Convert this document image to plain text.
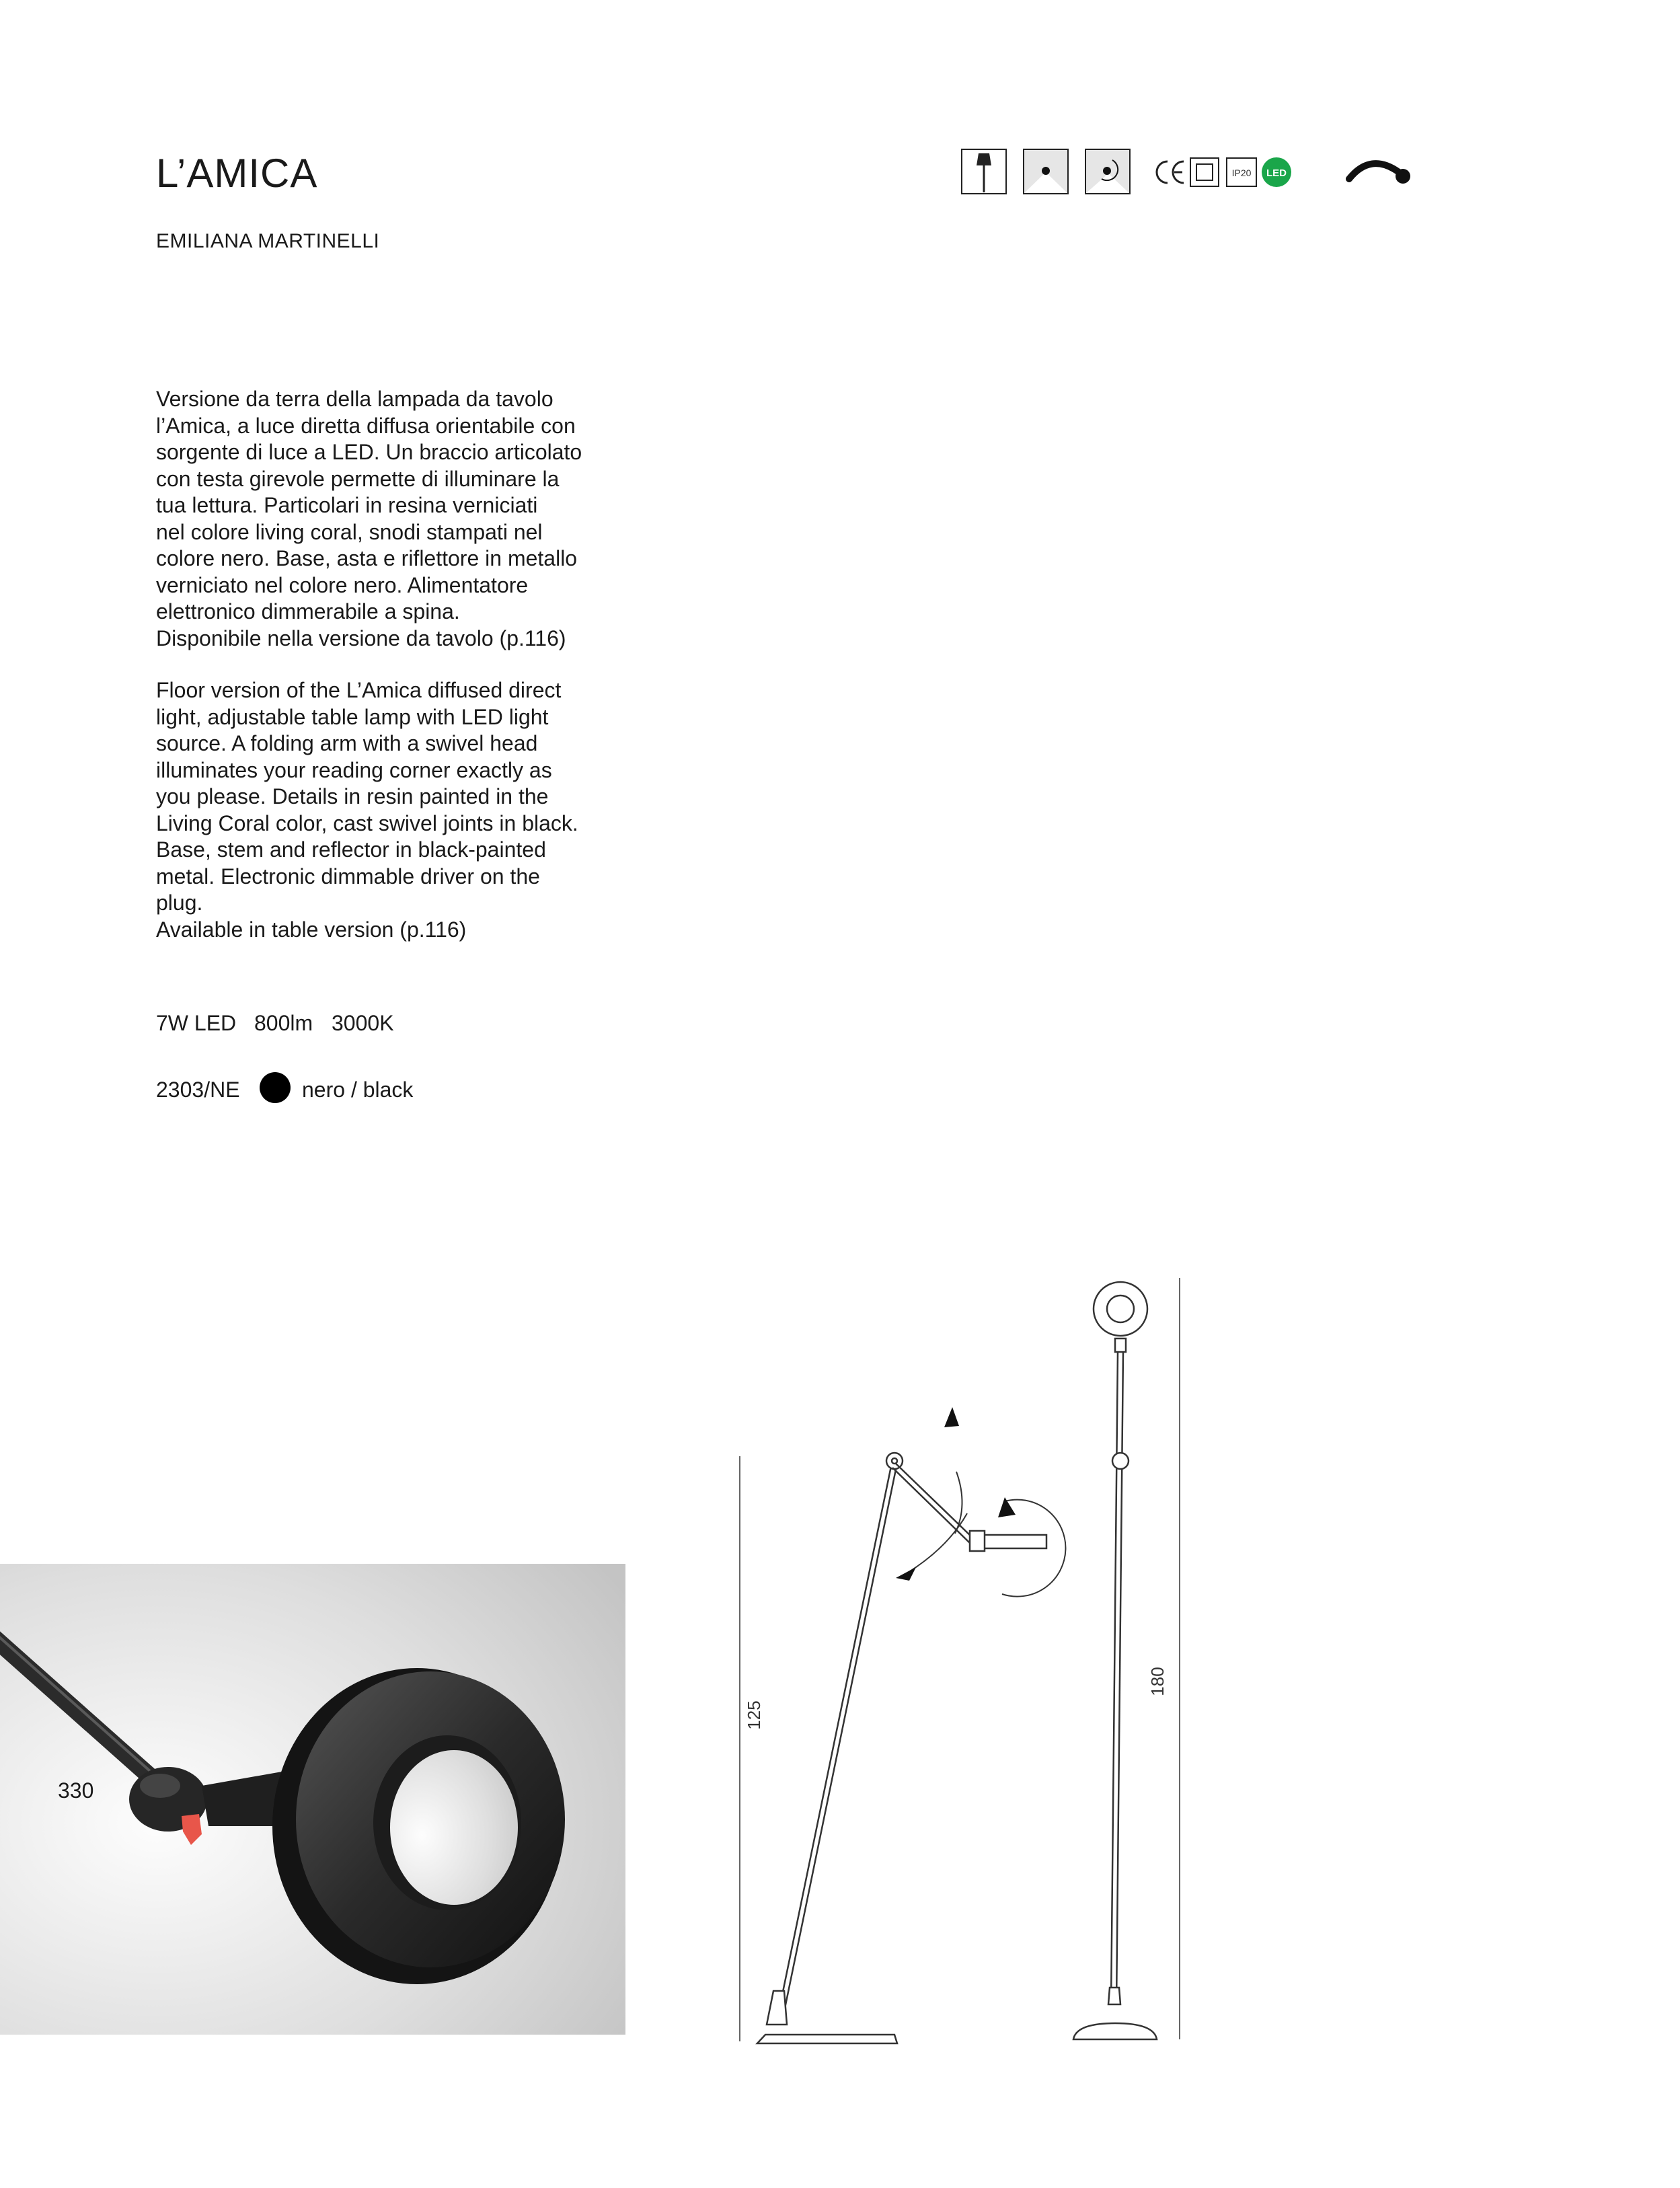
L’AMICA
EMILIANA MARTINELLI
IP20 LED
Versione da terra della lampada da tavolo
l’Amica, a luce diretta diffusa orientabile con
sorgente di luce a LED. Un braccio articolato
con testa girevole permette di illuminare la
tua lettura. Particolari in resina verniciati
nel colore living coral, snodi stampati nel
colore nero. Base, asta e riflettore in metallo
verniciato nel colore nero. Alimentatore
elettronico dimmerabile a spina.
Disponibile nella versione da tavolo (p.116)
Floor version of the L’Amica diffused direct
light, adjustable table lamp with LED light
source. A folding arm with a swivel head
illuminates your reading corner exactly as
you please. Details in resin painted in the
Living Coral color, cast swivel joints in black.
Base, stem and reflector in black-painted
metal. Electronic dimmable driver on the
plug.
Available in table version (p.116)
7W LED 800lm 3000K
2303/NE	nero / black
330
125
180
